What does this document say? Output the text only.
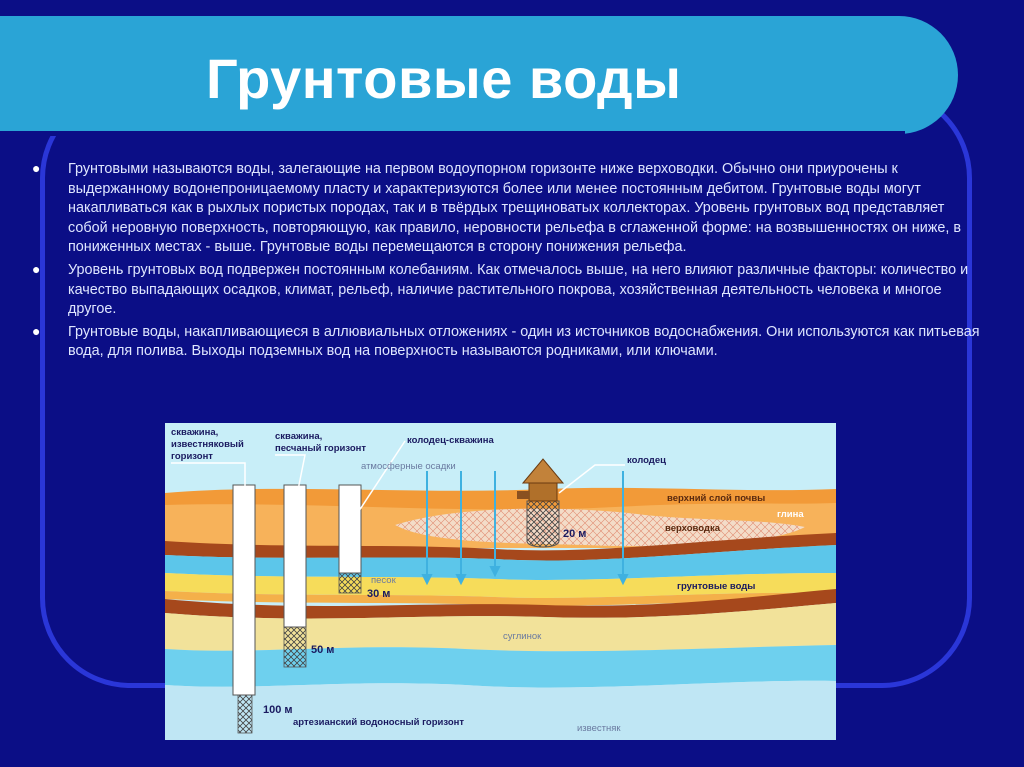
Грунтовые воды
● Грунтовыми называются воды, залегающие на первом водоупорном горизонте ниже верховодки. Обычно они приурочены к выдержанному водонепроницаемому пласту и характеризуются более или менее постоянным дебитом. Грунтовые воды могут накапливаться как в рыхлых пористых породах, так и в твёрдых трещиноватых коллекторах. Уровень грунтовых вод представляет собой неровную поверхность, повторяющую, как правило, неровности рельефа в сглаженной форме: на возвышенностях он ниже, в пониженных местах - выше. Грунтовые воды перемещаются в сторону понижения рельефа.
● Уровень грунтовых вод подвержен постоянным колебаниям. Как отмечалось выше, на него влияют различные факторы: количество и качество выпадающих осадков, климат, рельеф, наличие растительного покрова, хозяйственная деятельность человека и многое другое.
● Грунтовые воды, накапливающиеся в аллювиальных отложениях - один из источников водоснабжения. Они используются как питьевая вода, для полива. Выходы подземных вод на поверхность называются родниками, или ключами.
скважина,
известняковый
горизонт
скважина,
песчаный горизонт
колодец-скважина
колодец
атмосферные осадки
верхний слой почвы
глина
верховодка
грунтовые воды
песок
суглинок
артезианский водоносный горизонт
известняк
20 м
30 м
50 м
100 м
